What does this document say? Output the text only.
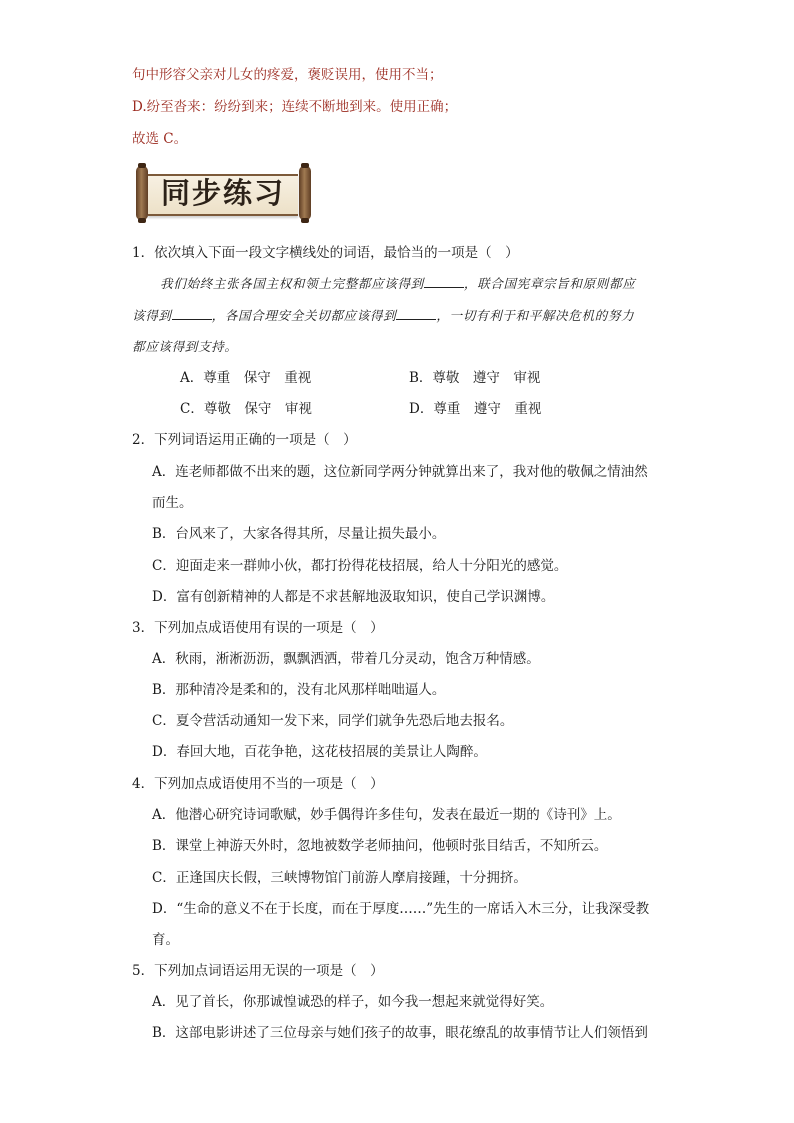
句中形容父亲对儿女的疼爱，褒贬误用，使用不当；
D.纷至沓来：纷纷到来；连续不断地到来。使用正确；
故选 C。
同步练习
1．依次填入下面一段文字横线处的词语，最恰当的一项是（　）
我们始终主张各国主权和领土完整都应该得到	，联合国宪章宗旨和原则都应
该得到	，各国合理安全关切都应该得到	，一切有利于和平解决危机的努力
都应该得到支持。
A．尊重　保守　重视	B．尊敬　遵守　审视
C．尊敬　保守　审视	D．尊重　遵守　重视
2．下列词语运用正确的一项是（　）
A．连老师都做不出来的题，这位新同学两分钟就算出来了，我对他的敬佩之情油然
而生。
B．台风来了，大家各得其所，尽量让损失最小。
C．迎面走来一群帅小伙，都打扮得花枝招展，给人十分阳光的感觉。
D．富有创新精神的人都是不求甚解地汲取知识，使自己学识渊博。
3．下列加点成语使用有误的一项是（　）
A．秋雨，淅淅沥沥，飘飘洒洒，带着几分灵动，饱含万种情感。
B．那种清冷是柔和的，没有北风那样咄咄逼人。
C．夏令营活动通知一发下来，同学们就争先恐后地去报名。
D．春回大地，百花争艳，这花枝招展的美景让人陶醉。
4．下列加点成语使用不当的一项是（　）
A．他潜心研究诗词歌赋，妙手偶得许多佳句，发表在最近一期的《诗刊》上。
B．课堂上神游天外时，忽地被数学老师抽问，他顿时张目结舌，不知所云。
C．正逢国庆长假，三峡博物馆门前游人摩肩接踵，十分拥挤。
D．“生命的意义不在于长度，而在于厚度……”先生的一席话入木三分，让我深受教
育。
5．下列加点词语运用无误的一项是（　）
A．见了首长，你那诚惶诚恐的样子，如今我一想起来就觉得好笑。
B．这部电影讲述了三位母亲与她们孩子的故事，眼花缭乱的故事情节让人们领悟到
